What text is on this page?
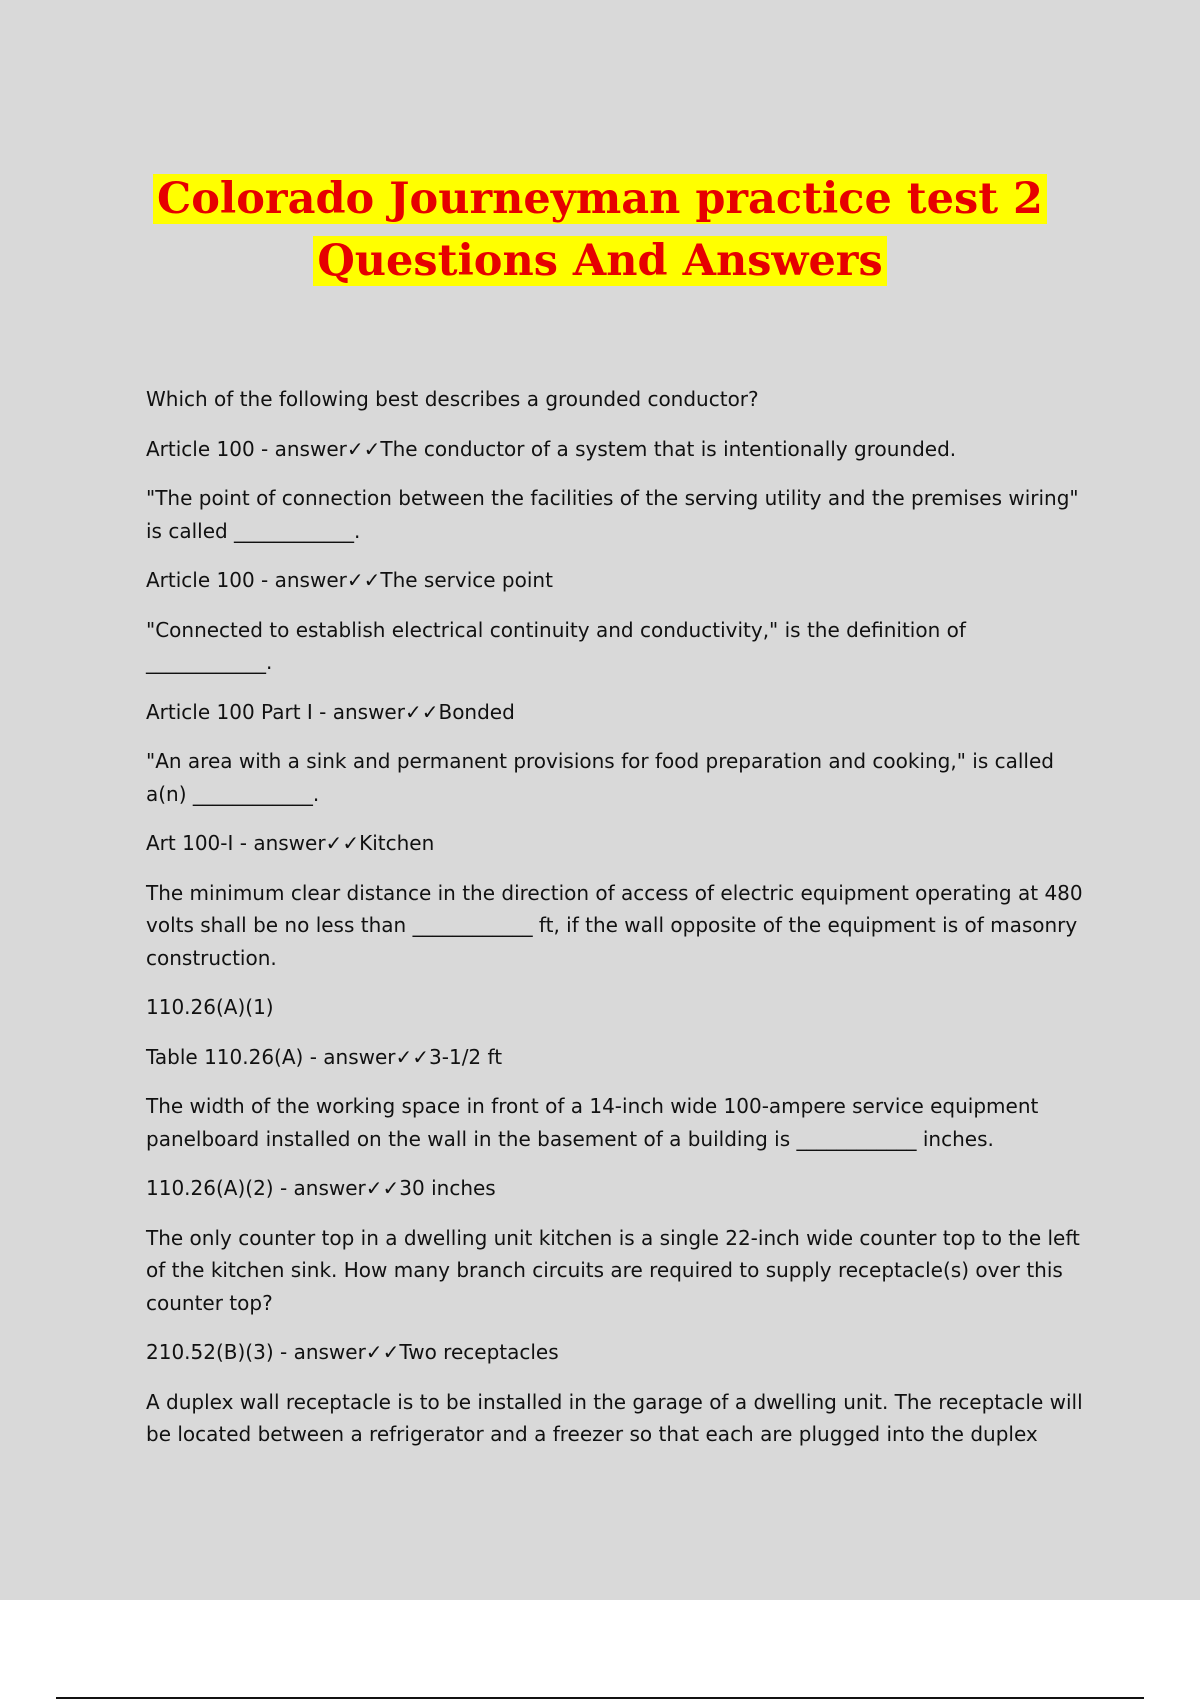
Colorado Journeyman practice test 2
Questions And Answers

Which of the following best describes a grounded conductor?

Article 100 - answer✓✓The conductor of a system that is intentionally grounded.

"The point of connection between the facilities of the serving utility and the premises wiring" is called ____________.

Article 100 - answer✓✓The service point

"Connected to establish electrical continuity and conductivity," is the definition of ____________.

Article 100 Part I - answer✓✓Bonded

"An area with a sink and permanent provisions for food preparation and cooking," is called a(n) ____________.

Art 100-I - answer✓✓Kitchen

The minimum clear distance in the direction of access of electric equipment operating at 480 volts shall be no less than ____________ ft, if the wall opposite of the equipment is of masonry construction.

110.26(A)(1)

Table 110.26(A) - answer✓✓3-1/2 ft

The width of the working space in front of a 14-inch wide 100-ampere service equipment panelboard installed on the wall in the basement of a building is ____________ inches.

110.26(A)(2) - answer✓✓30 inches

The only counter top in a dwelling unit kitchen is a single 22-inch wide counter top to the left of the kitchen sink. How many branch circuits are required to supply receptacle(s) over this counter top?

210.52(B)(3) - answer✓✓Two receptacles

A duplex wall receptacle is to be installed in the garage of a dwelling unit. The receptacle will be located between a refrigerator and a freezer so that each are plugged into the duplex
